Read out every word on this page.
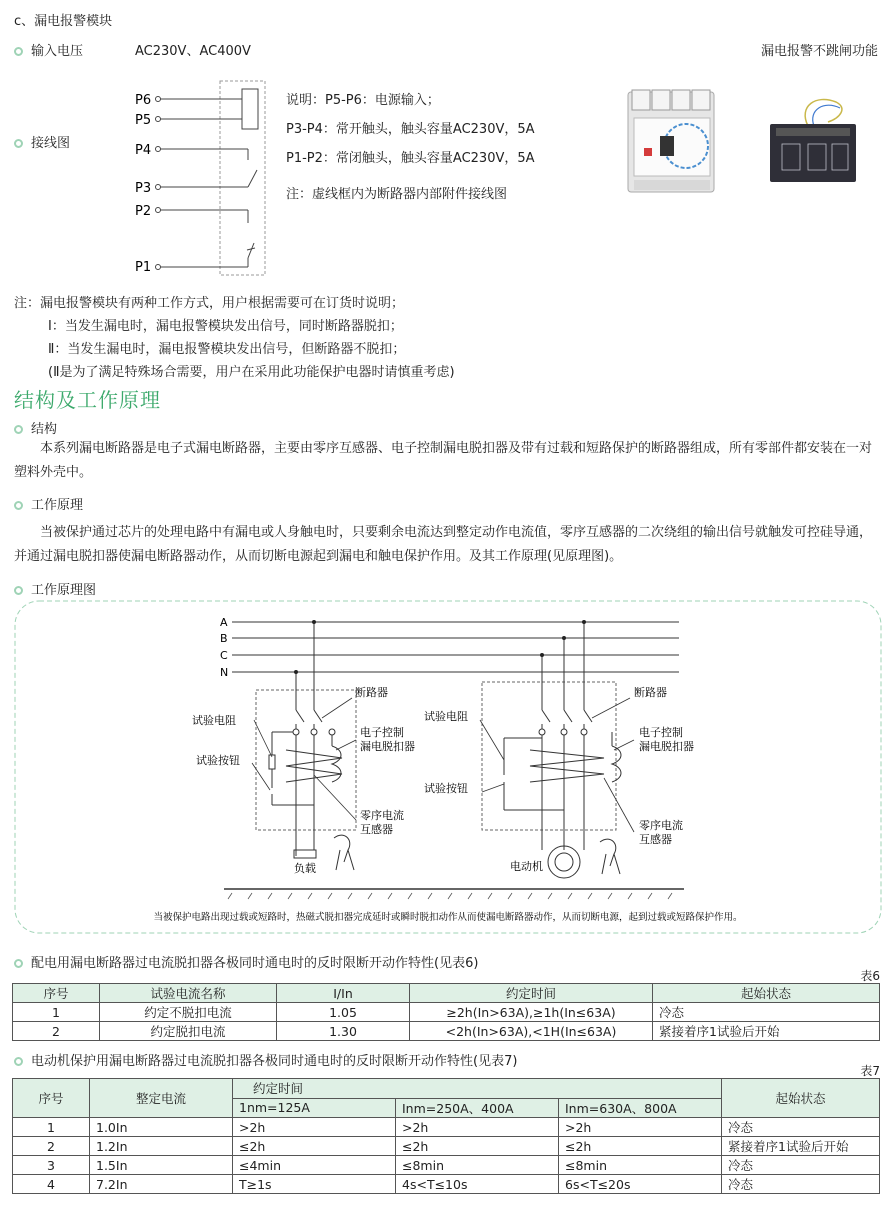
c、漏电报警模块
输入电压	AC230V、AC400V	漏电报警不跳闸功能
接线图
P6
P5
P4
P3
P2
P1
说明：P5-P6：电源输入；
P3-P4：常开触头，触头容量AC230V，5A
P1-P2：常闭触头，触头容量AC230V，5A
注：虚线框内为断路器内部附件接线图
注：漏电报警模块有两种工作方式，用户根据需要可在订货时说明；
Ⅰ：当发生漏电时，漏电报警模块发出信号，同时断路器脱扣；
Ⅱ：当发生漏电时，漏电报警模块发出信号，但断路器不脱扣；
(Ⅱ是为了满足特殊场合需要，用户在采用此功能保护电器时请慎重考虑)
结构及工作原理
结构
本系列漏电断路器是电子式漏电断路器，主要由零序互感器、电子控制漏电脱扣器及带有过载和短路保护的断路器组成，所有零部件都安装在一对塑料外壳中。
工作原理
当被保护通过芯片的处理电路中有漏电或人身触电时，只要剩余电流达到整定动作电流值，零序互感器的二次绕组的输出信号就触发可控硅导通，并通过漏电脱扣器使漏电断路器动作，从而切断电源起到漏电和触电保护作用。及其工作原理(见原理图)。
工作原理图
A
B
C
N
断路器
试验电阻
试验按钮
电子控制
漏电脱扣器
零序电流
互感器
负载
断路器
试验电阻
试验按钮
电子控制
漏电脱扣器
零序电流
互感器
电动机
当被保护电路出现过载或短路时，热磁式脱扣器完成延时或瞬时脱扣动作从而使漏电断路器动作，从而切断电源，起到过载或短路保护作用。
配电用漏电断路器过电流脱扣器各极同时通电时的反时限断开动作特性(见表6)
表6
序号	试验电流名称	I/In	约定时间	起始状态
1	约定不脱扣电流	1.05	≥2h(In>63A),≥1h(In≤63A)	冷态
2	约定脱扣电流	1.30	<2h(In>63A),<1H(In≤63A)	紧接着序1试验后开始
电动机保护用漏电断路器过电流脱扣器各极同时通电时的反时限断开动作特性(见表7)
表7
序号	整定电流	约定时间			起始状态
		1nm=125A	Inm=250A、400A	Inm=630A、800A	
1	1.0In	>2h	>2h	>2h	冷态
2	1.2In	≤2h	≤2h	≤2h	紧接着序1试验后开始
3	1.5In	≤4min	≤8min	≤8min	冷态
4	7.2In	T≥1s	4s<T≤10s	6s<T≤20s	冷态
